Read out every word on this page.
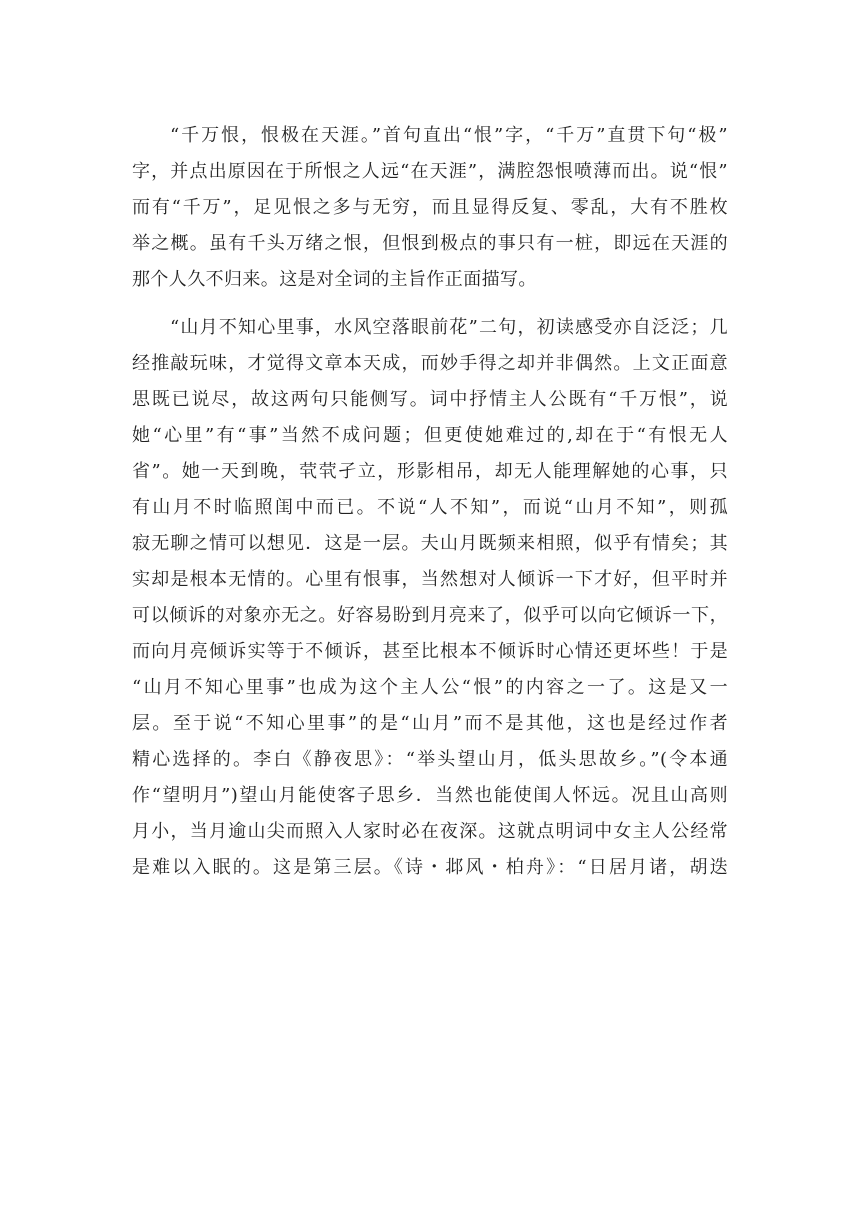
“千万恨，恨极在天涯。”首句直出“恨”字，“千万”直贯下句“极”
字，并点出原因在于所恨之人远“在天涯”，满腔怨恨喷薄而出。说“恨”
而有“千万”，足见恨之多与无穷，而且显得反复、零乱，大有不胜枚
举之概。虽有千头万绪之恨，但恨到极点的事只有一桩，即远在天涯的
那个人久不归来。这是对全词的主旨作正面描写。
“山月不知心里事，水风空落眼前花”二句，初读感受亦自泛泛；几
经推敲玩味，才觉得文章本天成，而妙手得之却并非偶然。上文正面意
思既已说尽，故这两句只能侧写。词中抒情主人公既有“千万恨”，说
她“心里”有“事”当然不成问题；但更使她难过的,却在于“有恨无人
省”。她一天到晚，茕茕孑立，形影相吊，却无人能理解她的心事，只
有山月不时临照闺中而已。不说“人不知”，而说“山月不知”，则孤
寂无聊之情可以想见．这是一层。夫山月既频来相照，似乎有情矣；其
实却是根本无情的。心里有恨事，当然想对人倾诉一下才好，但平时并
可以倾诉的对象亦无之。好容易盼到月亮来了，似乎可以向它倾诉一下，
而向月亮倾诉实等于不倾诉，甚至比根本不倾诉时心情还更坏些！于是
“山月不知心里事”也成为这个主人公“恨”的内容之一了。这是又一
层。至于说“不知心里事”的是“山月”而不是其他，这也是经过作者
精心选择的。李白《静夜思》：“举头望山月，低头思故乡。”(令本通
作“望明月”)望山月能使客子思乡．当然也能使闺人怀远。况且山高则
月小，当月逾山尖而照入人家时必在夜深。这就点明词中女主人公经常
是难以入眠的。这是第三层。《诗・邶风・柏舟》：“日居月诸，胡迭
